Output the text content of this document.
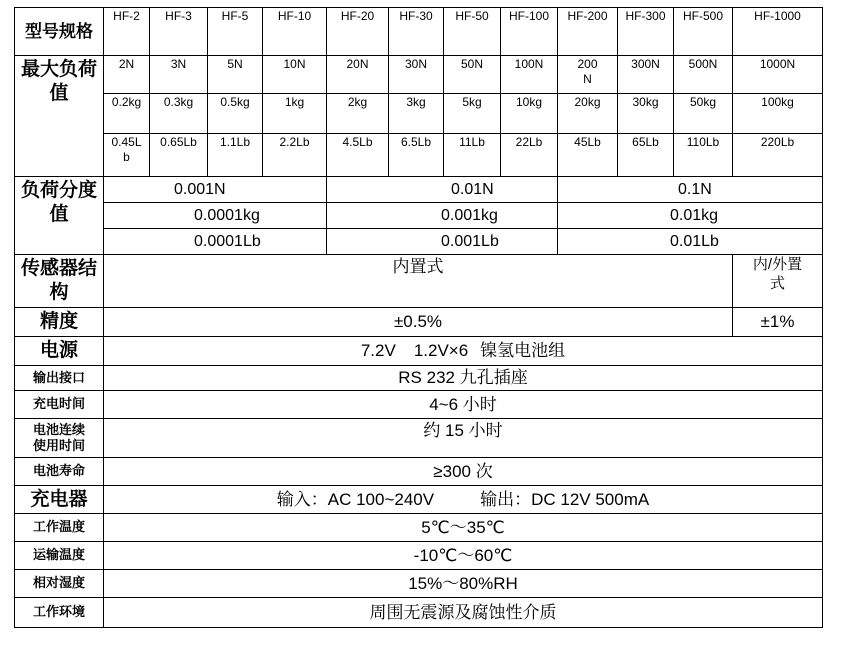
型号规格	HF-2	HF-3	HF-5	HF-10	HF-20	HF-30	HF-50	HF-100	HF-200	HF-300	HF-500	HF-1000
最大负荷值	2N	3N	5N	10N	20N	30N	50N	100N	200N	300N	500N	1000N
	0.2kg	0.3kg	0.5kg	1kg	2kg	3kg	5kg	10kg	20kg	30kg	50kg	100kg
	0.45Lb	0.65Lb	1.1Lb	2.2Lb	4.5Lb	6.5Lb	11Lb	22Lb	45Lb	65Lb	110Lb	220Lb
负荷分度值	0.001N				0.01N				0.1N			
	0.0001kg				0.001kg				0.01kg			
	0.0001Lb				0.001Lb				0.01Lb			
传感器结构	内置式											内/外置式
精度	±0.5%											±1%
电源	7.2V 1.2V×6 镍氢电池组											
输出接口	RS 232 九孔插座											
充电时间	4~6 小时											
电池连续使用时间	约 15 小时											
电池寿命	≥300 次											
充电器	输入：AC 100~240V 输出：DC 12V 500mA											
工作温度	5℃～35℃											
运输温度	-10℃～60℃											
相对湿度	15%～80%RH											
工作环境	周围无震源及腐蚀性介质											
